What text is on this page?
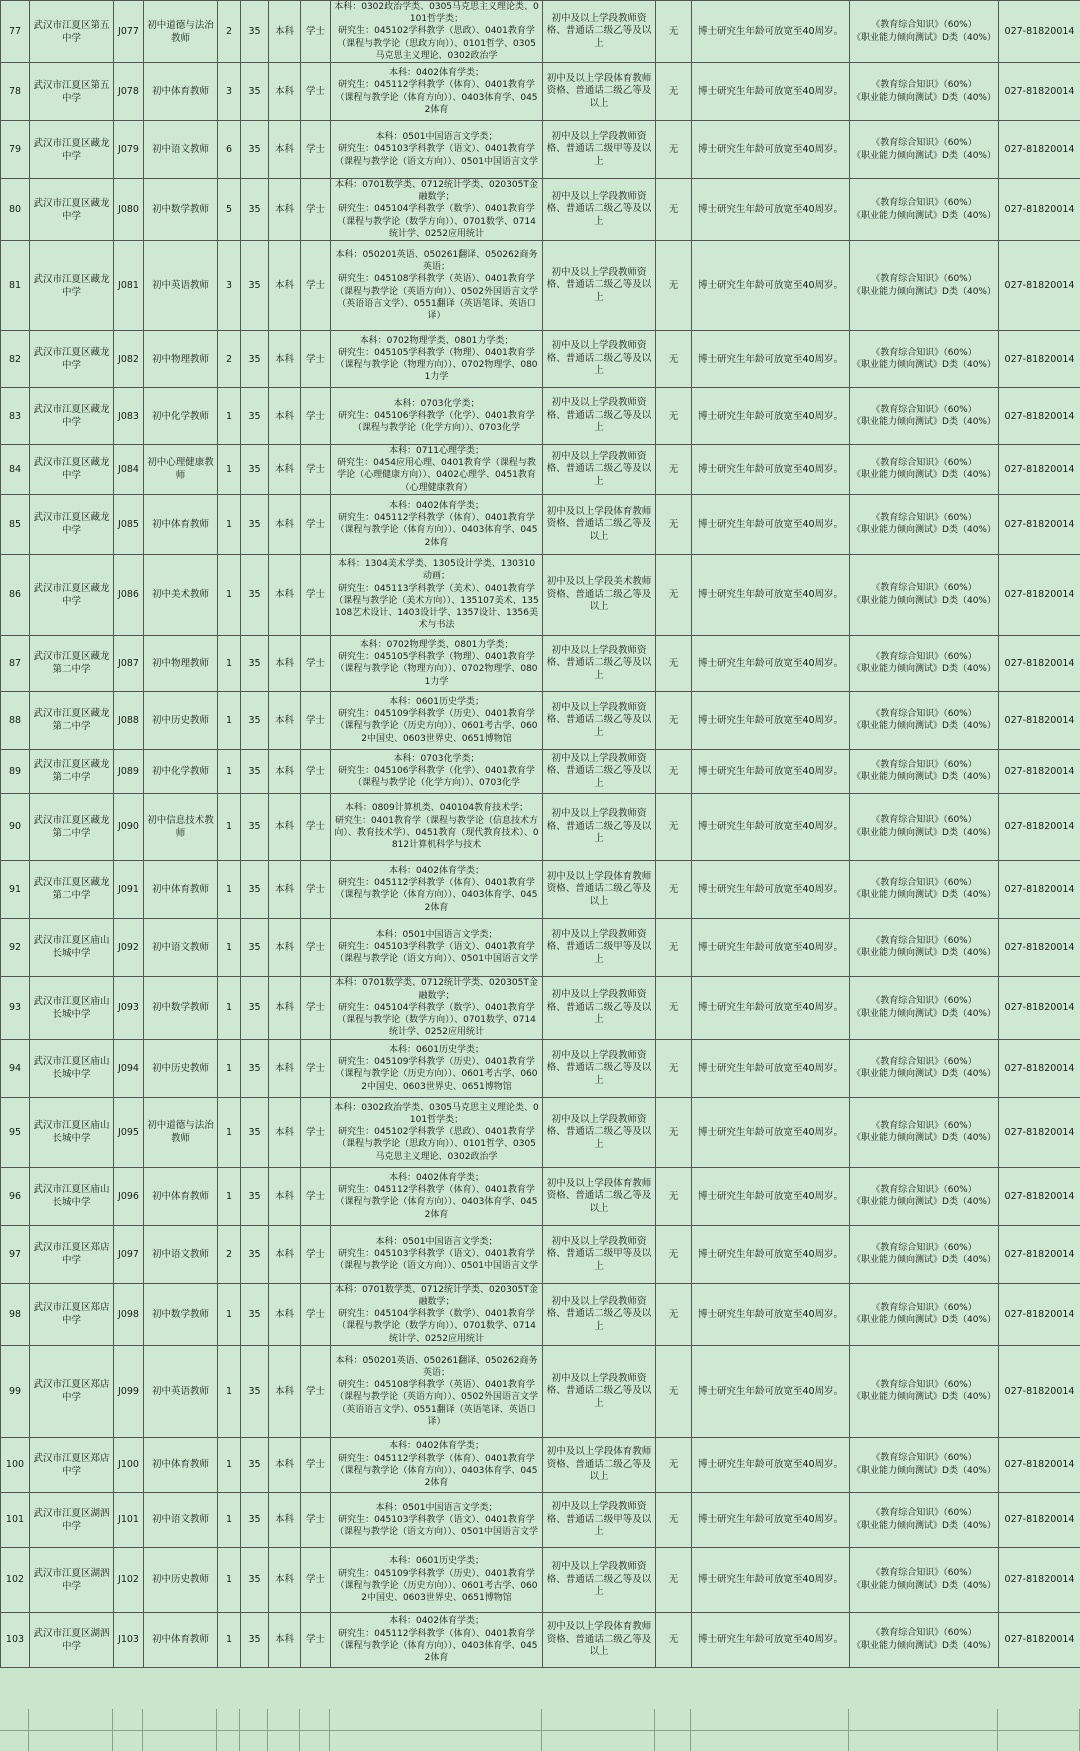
77	武汉市江夏区第五中学	J077	初中道德与法治教师	2	35	本科	学士	本科：0302政治学类、0305马克思主义理论类、0101哲学类；
研究生：045102学科教学（思政）、0401教育学（课程与教学论（思政方向））、0101哲学、0305马克思主义理论、0302政治学	初中及以上学段教师资格、普通话二级乙等及以上	无	博士研究生年龄可放宽至40周岁。	《教育综合知识》（60%）
《职业能力倾向测试》D类（40%）	027-81820014
78	武汉市江夏区第五中学	J078	初中体育教师	3	35	本科	学士	本科：0402体育学类；
研究生：045112学科教学（体育）、0401教育学（课程与教学论（体育方向））、0403体育学、0452体育	初中及以上学段体育教师资格、普通话二级乙等及以上	无	博士研究生年龄可放宽至40周岁。	《教育综合知识》（60%）
《职业能力倾向测试》D类（40%）	027-81820014
79	武汉市江夏区藏龙中学	J079	初中语文教师	6	35	本科	学士	本科：0501中国语言文学类；
研究生：045103学科教学（语文）、0401教育学（课程与教学论（语文方向））、0501中国语言文学	初中及以上学段教师资格、普通话二级甲等及以上	无	博士研究生年龄可放宽至40周岁。	《教育综合知识》（60%）
《职业能力倾向测试》D类（40%）	027-81820014
80	武汉市江夏区藏龙中学	J080	初中数学教师	5	35	本科	学士	本科：0701数学类、0712统计学类、020305T金融数学；
研究生：045104学科教学（数学）、0401教育学（课程与教学论（数学方向））、0701数学、0714统计学、0252应用统计	初中及以上学段教师资格、普通话二级乙等及以上	无	博士研究生年龄可放宽至40周岁。	《教育综合知识》（60%）
《职业能力倾向测试》D类（40%）	027-81820014
81	武汉市江夏区藏龙中学	J081	初中英语教师	3	35	本科	学士	本科：050201英语、050261翻译、050262商务英语；
研究生：045108学科教学（英语）、0401教育学（课程与教学论（英语方向））、0502外国语言文学（英语语言文学）、0551翻译（英语笔译、英语口译）	初中及以上学段教师资格、普通话二级乙等及以上	无	博士研究生年龄可放宽至40周岁。	《教育综合知识》（60%）
《职业能力倾向测试》D类（40%）	027-81820014
82	武汉市江夏区藏龙中学	J082	初中物理教师	2	35	本科	学士	本科：0702物理学类、0801力学类；
研究生：045105学科教学（物理）、0401教育学（课程与教学论（物理方向））、0702物理学、0801力学	初中及以上学段教师资格、普通话二级乙等及以上	无	博士研究生年龄可放宽至40周岁。	《教育综合知识》（60%）
《职业能力倾向测试》D类（40%）	027-81820014
83	武汉市江夏区藏龙中学	J083	初中化学教师	1	35	本科	学士	本科：0703化学类；
研究生：045106学科教学（化学）、0401教育学（课程与教学论（化学方向））、0703化学	初中及以上学段教师资格、普通话二级乙等及以上	无	博士研究生年龄可放宽至40周岁。	《教育综合知识》（60%）
《职业能力倾向测试》D类（40%）	027-81820014
84	武汉市江夏区藏龙中学	J084	初中心理健康教师	1	35	本科	学士	本科：0711心理学类；
研究生：0454应用心理、0401教育学（课程与教学论（心理健康方向））、0402心理学、0451教育（心理健康教育）	初中及以上学段教师资格、普通话二级乙等及以上	无	博士研究生年龄可放宽至40周岁。	《教育综合知识》（60%）
《职业能力倾向测试》D类（40%）	027-81820014
85	武汉市江夏区藏龙中学	J085	初中体育教师	1	35	本科	学士	本科：0402体育学类；
研究生：045112学科教学（体育）、0401教育学（课程与教学论（体育方向））、0403体育学、0452体育	初中及以上学段体育教师资格、普通话二级乙等及以上	无	博士研究生年龄可放宽至40周岁。	《教育综合知识》（60%）
《职业能力倾向测试》D类（40%）	027-81820014
86	武汉市江夏区藏龙中学	J086	初中美术教师	1	35	本科	学士	本科：1304美术学类、1305设计学类、130310动画；
研究生：045113学科教学（美术）、0401教育学（课程与教学论（美术方向））、135107美术、135108艺术设计、1403设计学、1357设计、1356美术与书法	初中及以上学段美术教师资格、普通话二级乙等及以上	无	博士研究生年龄可放宽至40周岁。	《教育综合知识》（60%）
《职业能力倾向测试》D类（40%）	027-81820014
87	武汉市江夏区藏龙第二中学	J087	初中物理教师	1	35	本科	学士	本科：0702物理学类、0801力学类；
研究生：045105学科教学（物理）、0401教育学（课程与教学论（物理方向））、0702物理学、0801力学	初中及以上学段教师资格、普通话二级乙等及以上	无	博士研究生年龄可放宽至40周岁。	《教育综合知识》（60%）
《职业能力倾向测试》D类（40%）	027-81820014
88	武汉市江夏区藏龙第二中学	J088	初中历史教师	1	35	本科	学士	本科：0601历史学类；
研究生：045109学科教学（历史）、0401教育学（课程与教学论（历史方向））、0601考古学、0602中国史、0603世界史、0651博物馆	初中及以上学段教师资格、普通话二级乙等及以上	无	博士研究生年龄可放宽至40周岁。	《教育综合知识》（60%）
《职业能力倾向测试》D类（40%）	027-81820014
89	武汉市江夏区藏龙第二中学	J089	初中化学教师	1	35	本科	学士	本科：0703化学类；
研究生：045106学科教学（化学）、0401教育学（课程与教学论（化学方向））、0703化学	初中及以上学段教师资格、普通话二级乙等及以上	无	博士研究生年龄可放宽至40周岁。	《教育综合知识》（60%）
《职业能力倾向测试》D类（40%）	027-81820014
90	武汉市江夏区藏龙第二中学	J090	初中信息技术教师	1	35	本科	学士	本科：0809计算机类、040104教育技术学；
研究生：0401教育学（课程与教学论（信息技术方向）、教育技术学）、0451教育（现代教育技术）、0812计算机科学与技术	初中及以上学段教师资格、普通话二级乙等及以上	无	博士研究生年龄可放宽至40周岁。	《教育综合知识》（60%）
《职业能力倾向测试》D类（40%）	027-81820014
91	武汉市江夏区藏龙第二中学	J091	初中体育教师	1	35	本科	学士	本科：0402体育学类；
研究生：045112学科教学（体育）、0401教育学（课程与教学论（体育方向））、0403体育学、0452体育	初中及以上学段体育教师资格、普通话二级乙等及以上	无	博士研究生年龄可放宽至40周岁。	《教育综合知识》（60%）
《职业能力倾向测试》D类（40%）	027-81820014
92	武汉市江夏区庙山长城中学	J092	初中语文教师	1	35	本科	学士	本科：0501中国语言文学类；
研究生：045103学科教学（语文）、0401教育学（课程与教学论（语文方向））、0501中国语言文学	初中及以上学段教师资格、普通话二级甲等及以上	无	博士研究生年龄可放宽至40周岁。	《教育综合知识》（60%）
《职业能力倾向测试》D类（40%）	027-81820014
93	武汉市江夏区庙山长城中学	J093	初中数学教师	1	35	本科	学士	本科：0701数学类、0712统计学类、020305T金融数学；
研究生：045104学科教学（数学）、0401教育学（课程与教学论（数学方向））、0701数学、0714统计学、0252应用统计	初中及以上学段教师资格、普通话二级乙等及以上	无	博士研究生年龄可放宽至40周岁。	《教育综合知识》（60%）
《职业能力倾向测试》D类（40%）	027-81820014
94	武汉市江夏区庙山长城中学	J094	初中历史教师	1	35	本科	学士	本科：0601历史学类；
研究生：045109学科教学（历史）、0401教育学（课程与教学论（历史方向））、0601考古学、0602中国史、0603世界史、0651博物馆	初中及以上学段教师资格、普通话二级乙等及以上	无	博士研究生年龄可放宽至40周岁。	《教育综合知识》（60%）
《职业能力倾向测试》D类（40%）	027-81820014
95	武汉市江夏区庙山长城中学	J095	初中道德与法治教师	1	35	本科	学士	本科：0302政治学类、0305马克思主义理论类、0101哲学类；
研究生：045102学科教学（思政）、0401教育学（课程与教学论（思政方向））、0101哲学、0305马克思主义理论、0302政治学	初中及以上学段教师资格、普通话二级乙等及以上	无	博士研究生年龄可放宽至40周岁。	《教育综合知识》（60%）
《职业能力倾向测试》D类（40%）	027-81820014
96	武汉市江夏区庙山长城中学	J096	初中体育教师	1	35	本科	学士	本科：0402体育学类；
研究生：045112学科教学（体育）、0401教育学（课程与教学论（体育方向））、0403体育学、0452体育	初中及以上学段体育教师资格、普通话二级乙等及以上	无	博士研究生年龄可放宽至40周岁。	《教育综合知识》（60%）
《职业能力倾向测试》D类（40%）	027-81820014
97	武汉市江夏区郑店中学	J097	初中语文教师	2	35	本科	学士	本科：0501中国语言文学类；
研究生：045103学科教学（语文）、0401教育学（课程与教学论（语文方向））、0501中国语言文学	初中及以上学段教师资格、普通话二级甲等及以上	无	博士研究生年龄可放宽至40周岁。	《教育综合知识》（60%）
《职业能力倾向测试》D类（40%）	027-81820014
98	武汉市江夏区郑店中学	J098	初中数学教师	1	35	本科	学士	本科：0701数学类、0712统计学类、020305T金融数学；
研究生：045104学科教学（数学）、0401教育学（课程与教学论（数学方向））、0701数学、0714统计学、0252应用统计	初中及以上学段教师资格、普通话二级乙等及以上	无	博士研究生年龄可放宽至40周岁。	《教育综合知识》（60%）
《职业能力倾向测试》D类（40%）	027-81820014
99	武汉市江夏区郑店中学	J099	初中英语教师	1	35	本科	学士	本科：050201英语、050261翻译、050262商务英语；
研究生：045108学科教学（英语）、0401教育学（课程与教学论（英语方向））、0502外国语言文学（英语语言文学）、0551翻译（英语笔译、英语口译）	初中及以上学段教师资格、普通话二级乙等及以上	无	博士研究生年龄可放宽至40周岁。	《教育综合知识》（60%）
《职业能力倾向测试》D类（40%）	027-81820014
100	武汉市江夏区郑店中学	J100	初中体育教师	1	35	本科	学士	本科：0402体育学类；
研究生：045112学科教学（体育）、0401教育学（课程与教学论（体育方向））、0403体育学、0452体育	初中及以上学段体育教师资格、普通话二级乙等及以上	无	博士研究生年龄可放宽至40周岁。	《教育综合知识》（60%）
《职业能力倾向测试》D类（40%）	027-81820014
101	武汉市江夏区湖泗中学	J101	初中语文教师	1	35	本科	学士	本科：0501中国语言文学类；
研究生：045103学科教学（语文）、0401教育学（课程与教学论（语文方向））、0501中国语言文学	初中及以上学段教师资格、普通话二级甲等及以上	无	博士研究生年龄可放宽至40周岁。	《教育综合知识》（60%）
《职业能力倾向测试》D类（40%）	027-81820014
102	武汉市江夏区湖泗中学	J102	初中历史教师	1	35	本科	学士	本科：0601历史学类；
研究生：045109学科教学（历史）、0401教育学（课程与教学论（历史方向））、0601考古学、0602中国史、0603世界史、0651博物馆	初中及以上学段教师资格、普通话二级乙等及以上	无	博士研究生年龄可放宽至40周岁。	《教育综合知识》（60%）
《职业能力倾向测试》D类（40%）	027-81820014
103	武汉市江夏区湖泗中学	J103	初中体育教师	1	35	本科	学士	本科：0402体育学类；
研究生：045112学科教学（体育）、0401教育学（课程与教学论（体育方向））、0403体育学、0452体育	初中及以上学段体育教师资格、普通话二级乙等及以上	无	博士研究生年龄可放宽至40周岁。	《教育综合知识》（60%）
《职业能力倾向测试》D类（40%）	027-81820014
